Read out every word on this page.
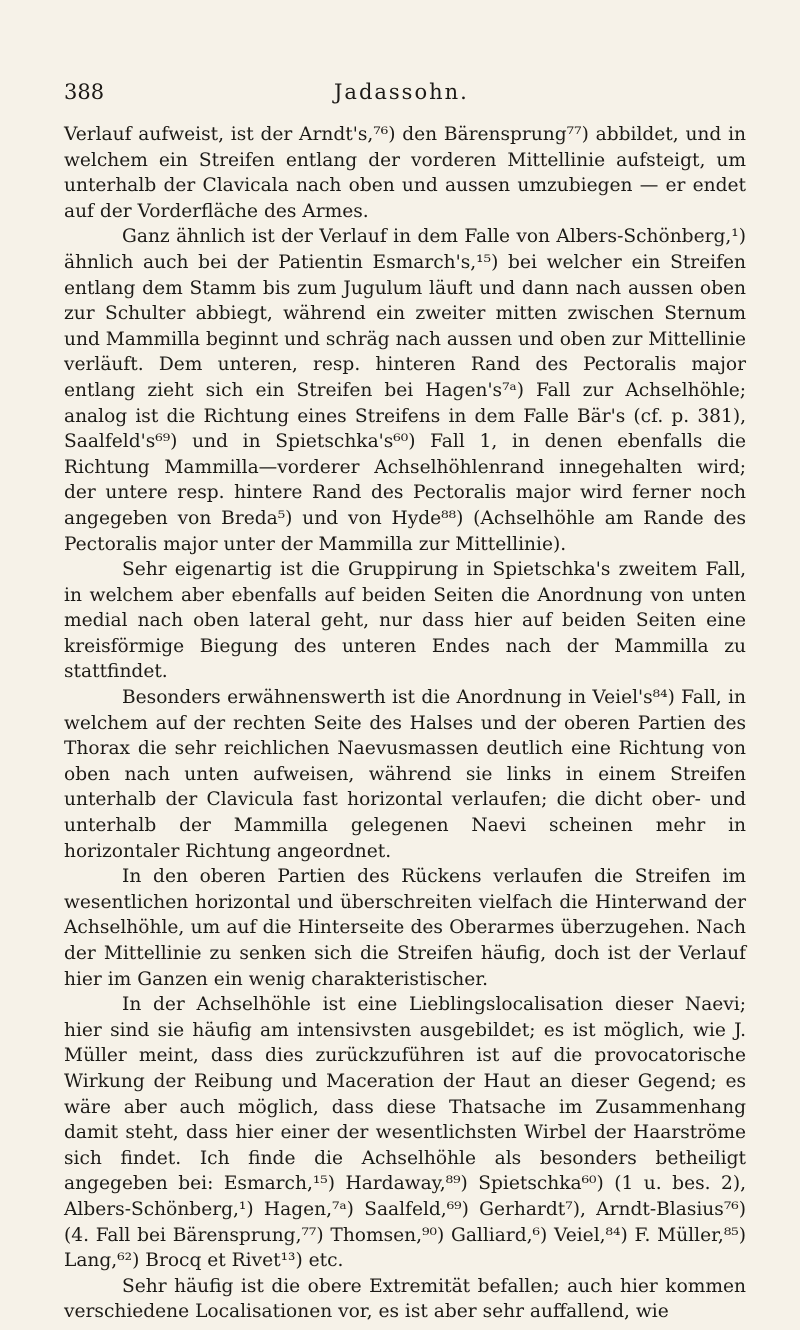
388	Jadassohn.

Verlauf aufweist, ist der Arndt's,⁷⁶) den Bärensprung⁷⁷) abbildet, und in welchem ein Streifen entlang der vorderen Mittellinie aufsteigt, um unterhalb der Clavicala nach oben und aussen umzubiegen — er endet auf der Vorderfläche des Armes.

Ganz ähnlich ist der Verlauf in dem Falle von Albers-Schönberg,¹) ähnlich auch bei der Patientin Esmarch's,¹⁵) bei welcher ein Streifen entlang dem Stamm bis zum Jugulum läuft und dann nach aussen oben zur Schulter abbiegt, während ein zweiter mitten zwischen Sternum und Mammilla beginnt und schräg nach aussen und oben zur Mittellinie verläuft. Dem unteren, resp. hinteren Rand des Pectoralis major entlang zieht sich ein Streifen bei Hagen's⁷ᵃ) Fall zur Achselhöhle; analog ist die Richtung eines Streifens in dem Falle Bär's (cf. p. 381), Saalfeld's⁶⁹) und in Spietschka's⁶⁰) Fall 1, in denen ebenfalls die Richtung Mammilla—vorderer Achselhöhlenrand innegehalten wird; der untere resp. hintere Rand des Pectoralis major wird ferner noch angegeben von Breda⁵) und von Hyde⁸⁸) (Achselhöhle am Rande des Pectoralis major unter der Mammilla zur Mittellinie).

Sehr eigenartig ist die Gruppirung in Spietschka's zweitem Fall, in welchem aber ebenfalls auf beiden Seiten die Anordnung von unten medial nach oben lateral geht, nur dass hier auf beiden Seiten eine kreisförmige Biegung des unteren Endes nach der Mammilla zu stattfindet.

Besonders erwähnenswerth ist die Anordnung in Veiel's⁸⁴) Fall, in welchem auf der rechten Seite des Halses und der oberen Partien des Thorax die sehr reichlichen Naevusmassen deutlich eine Richtung von oben nach unten aufweisen, während sie links in einem Streifen unterhalb der Clavicula fast horizontal verlaufen; die dicht ober- und unterhalb der Mammilla gelegenen Naevi scheinen mehr in horizontaler Richtung angeordnet.

In den oberen Partien des Rückens verlaufen die Streifen im wesentlichen horizontal und überschreiten vielfach die Hinterwand der Achselhöhle, um auf die Hinterseite des Oberarmes überzugehen. Nach der Mittellinie zu senken sich die Streifen häufig, doch ist der Verlauf hier im Ganzen ein wenig charakteristischer.

In der Achselhöhle ist eine Lieblingslocalisation dieser Naevi; hier sind sie häufig am intensivsten ausgebildet; es ist möglich, wie J. Müller meint, dass dies zurückzuführen ist auf die provocatorische Wirkung der Reibung und Maceration der Haut an dieser Gegend; es wäre aber auch möglich, dass diese Thatsache im Zusammenhang damit steht, dass hier einer der wesentlichsten Wirbel der Haarströme sich findet. Ich finde die Achselhöhle als besonders betheiligt angegeben bei: Esmarch,¹⁵) Hardaway,⁸⁹) Spietschka⁶⁰) (1 u. bes. 2), Albers-Schönberg,¹) Hagen,⁷ᵃ) Saalfeld,⁶⁹) Gerhardt⁷), Arndt-Blasius⁷⁶) (4. Fall bei Bärensprung,⁷⁷) Thomsen,⁹⁰) Galliard,⁶) Veiel,⁸⁴) F. Müller,⁸⁵) Lang,⁶²) Brocq et Rivet¹³) etc.

Sehr häufig ist die obere Extremität befallen; auch hier kommen verschiedene Localisationen vor, es ist aber sehr auffallend, wie
